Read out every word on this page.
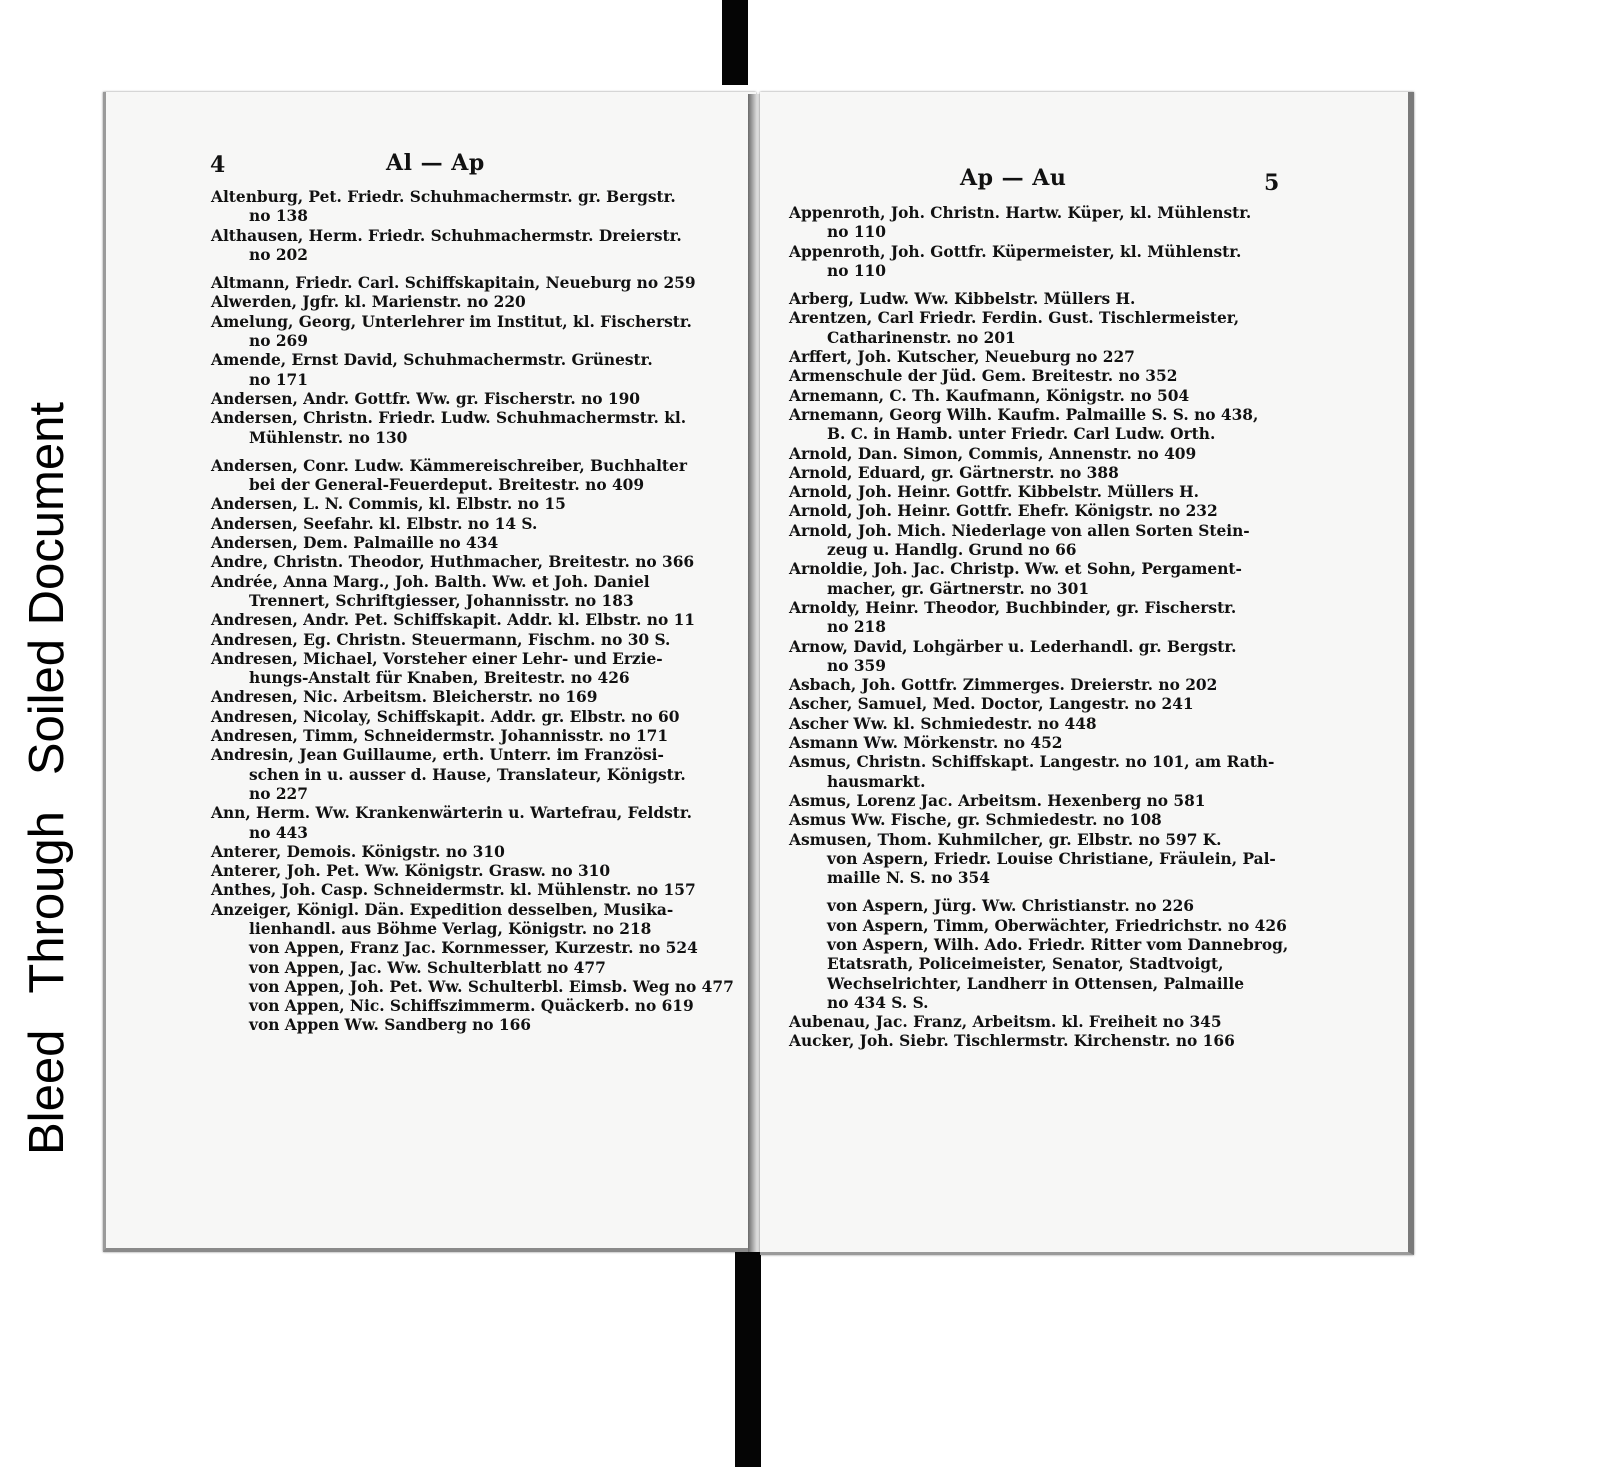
BleedThroughSoiled Document
4	Al — Ap
Altenburg, Pet. Friedr. Schuhmachermstr. gr. Bergstr.
no 138
Althausen, Herm. Friedr. Schuhmachermstr. Dreierstr.
no 202
Altmann, Friedr. Carl. Schiffskapitain, Neueburg no 259
Alwerden, Jgfr. kl. Marienstr. no 220
Amelung, Georg, Unterlehrer im Institut, kl. Fischerstr.
no 269
Amende, Ernst David, Schuhmachermstr. Grünestr.
no 171
Andersen, Andr. Gottfr. Ww. gr. Fischerstr. no 190
Andersen, Christn. Friedr. Ludw. Schuhmachermstr. kl.
Mühlenstr. no 130
Andersen, Conr. Ludw. Kämmereischreiber, Buchhalter
bei der General-Feuerdeput. Breitestr. no 409
Andersen, L. N. Commis, kl. Elbstr. no 15
Andersen, Seefahr. kl. Elbstr. no 14 S.
Andersen, Dem. Palmaille no 434
Andre, Christn. Theodor, Huthmacher, Breitestr. no 366
Andrée, Anna Marg., Joh. Balth. Ww. et Joh. Daniel
Trennert, Schriftgiesser, Johannisstr. no 183
Andresen, Andr. Pet. Schiffskapit. Addr. kl. Elbstr. no 11
Andresen, Eg. Christn. Steuermann, Fischm. no 30 S.
Andresen, Michael, Vorsteher einer Lehr- und Erzie-
hungs-Anstalt für Knaben, Breitestr. no 426
Andresen, Nic. Arbeitsm. Bleicherstr. no 169
Andresen, Nicolay, Schiffskapit. Addr. gr. Elbstr. no 60
Andresen, Timm, Schneidermstr. Johannisstr. no 171
Andresin, Jean Guillaume, erth. Unterr. im Französi-
schen in u. ausser d. Hause, Translateur, Königstr.
no 227
Ann, Herm. Ww. Krankenwärterin u. Wartefrau, Feldstr.
no 443
Anterer, Demois. Königstr. no 310
Anterer, Joh. Pet. Ww. Königstr. Grasw. no 310
Anthes, Joh. Casp. Schneidermstr. kl. Mühlenstr. no 157
Anzeiger, Königl. Dän. Expedition desselben, Musika-
lienhandl. aus Böhme Verlag, Königstr. no 218
von Appen, Franz Jac. Kornmesser, Kurzestr. no 524
von Appen, Jac. Ww. Schulterblatt no 477
von Appen, Joh. Pet. Ww. Schulterbl. Eimsb. Weg no 477
von Appen, Nic. Schiffszimmerm. Quäckerb. no 619
von Appen Ww. Sandberg no 166
Ap — Au	5
Appenroth, Joh. Christn. Hartw. Küper, kl. Mühlenstr.
no 110
Appenroth, Joh. Gottfr. Küpermeister, kl. Mühlenstr.
no 110
Arberg, Ludw. Ww. Kibbelstr. Müllers H.
Arentzen, Carl Friedr. Ferdin. Gust. Tischlermeister,
Catharinenstr. no 201
Arffert, Joh. Kutscher, Neueburg no 227
Armenschule der Jüd. Gem. Breitestr. no 352
Arnemann, C. Th. Kaufmann, Königstr. no 504
Arnemann, Georg Wilh. Kaufm. Palmaille S. S. no 438,
B. C. in Hamb. unter Friedr. Carl Ludw. Orth.
Arnold, Dan. Simon, Commis, Annenstr. no 409
Arnold, Eduard, gr. Gärtnerstr. no 388
Arnold, Joh. Heinr. Gottfr. Kibbelstr. Müllers H.
Arnold, Joh. Heinr. Gottfr. Ehefr. Königstr. no 232
Arnold, Joh. Mich. Niederlage von allen Sorten Stein-
zeug u. Handlg. Grund no 66
Arnoldie, Joh. Jac. Christp. Ww. et Sohn, Pergament-
macher, gr. Gärtnerstr. no 301
Arnoldy, Heinr. Theodor, Buchbinder, gr. Fischerstr.
no 218
Arnow, David, Lohgärber u. Lederhandl. gr. Bergstr.
no 359
Asbach, Joh. Gottfr. Zimmerges. Dreierstr. no 202
Ascher, Samuel, Med. Doctor, Langestr. no 241
Ascher Ww. kl. Schmiedestr. no 448
Asmann Ww. Mörkenstr. no 452
Asmus, Christn. Schiffskapt. Langestr. no 101, am Rath-
hausmarkt.
Asmus, Lorenz Jac. Arbeitsm. Hexenberg no 581
Asmus Ww. Fische, gr. Schmiedestr. no 108
Asmusen, Thom. Kuhmilcher, gr. Elbstr. no 597 K.
von Aspern, Friedr. Louise Christiane, Fräulein, Pal-
maille N. S. no 354
von Aspern, Jürg. Ww. Christianstr. no 226
von Aspern, Timm, Oberwächter, Friedrichstr. no 426
von Aspern, Wilh. Ado. Friedr. Ritter vom Dannebrog,
Etatsrath, Policeimeister, Senator, Stadtvoigt,
Wechselrichter, Landherr in Ottensen, Palmaille
no 434 S. S.
Aubenau, Jac. Franz, Arbeitsm. kl. Freiheit no 345
Aucker, Joh. Siebr. Tischlermstr. Kirchenstr. no 166
